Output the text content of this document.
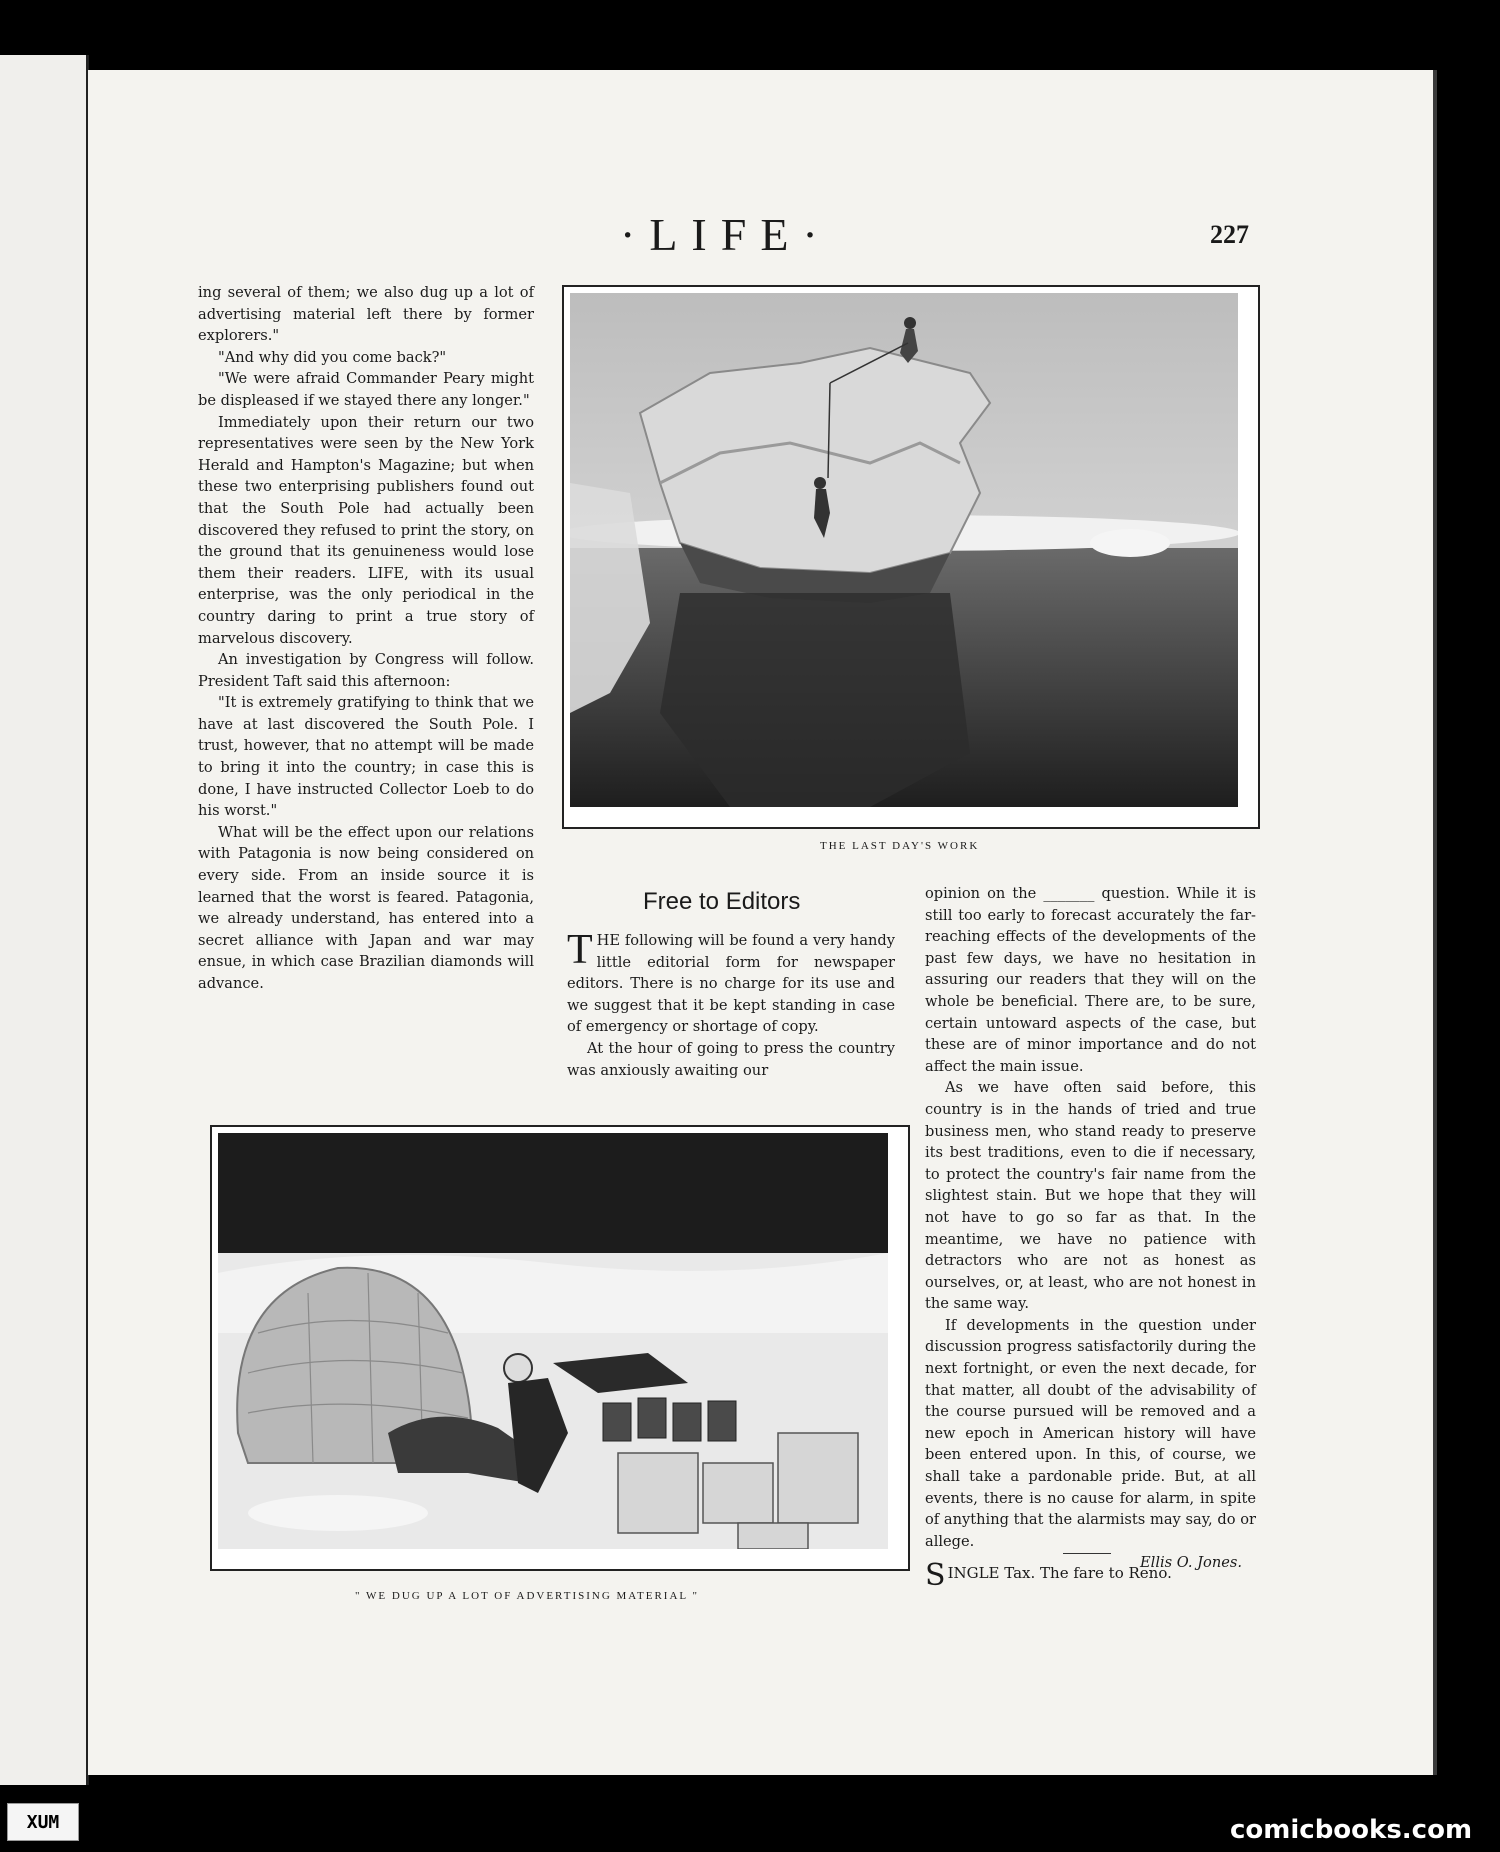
·LIFE·	227

ing several of them; we also dug up a lot of advertising material left there by former explorers."

"And why did you come back?"

"We were afraid Commander Peary might be displeased if we stayed there any longer."

Immediately upon their return our two representatives were seen by the New York Herald and Hampton's Magazine; but when these two enterprising publishers found out that the South Pole had actually been discovered they refused to print the story, on the ground that its genuineness would lose them their readers. LIFE, with its usual enterprise, was the only periodical in the country daring to print a true story of marvelous discovery.

An investigation by Congress will follow. President Taft said this afternoon:

"It is extremely gratifying to think that we have at last discovered the South Pole. I trust, however, that no attempt will be made to bring it into the country; in case this is done, I have instructed Collector Loeb to do his worst."

What will be the effect upon our relations with Patagonia is now being considered on every side. From an inside source it is learned that the worst is feared. Patagonia, we already understand, has entered into a secret alliance with Japan and war may ensue, in which case Brazilian diamonds will advance.

THE LAST DAY'S WORK
Free to Editors

THE following will be found a very handy little editorial form for newspaper editors. There is no charge for its use and we suggest that it be kept standing in case of emergency or shortage of copy.

At the hour of going to press the country was anxiously awaiting our

opinion on the _______ question. While it is still too early to forecast accurately the far-reaching effects of the developments of the past few days, we have no hesitation in assuring our readers that they will on the whole be beneficial. There are, to be sure, certain untoward aspects of the case, but these are of minor importance and do not affect the main issue.

As we have often said before, this country is in the hands of tried and true business men, who stand ready to preserve its best traditions, even to die if necessary, to protect the country's fair name from the slightest stain. But we hope that they will not have to go so far as that. In the meantime, we have no patience with detractors who are not as honest as ourselves, or, at least, who are not honest in the same way.

If developments in the question under discussion progress satisfactorily during the next fortnight, or even the next decade, for that matter, all doubt of the advisability of the course pursued will be removed and a new epoch in American history will have been entered upon. In this, of course, we shall take a pardonable pride. But, at all events, there is no cause for alarm, in spite of anything that the alarmists may say, do or allege.

Ellis O. Jones.
SINGLE Tax. The fare to Reno.
" WE DUG UP A LOT OF ADVERTISING MATERIAL "
XUM	comicbooks.com
